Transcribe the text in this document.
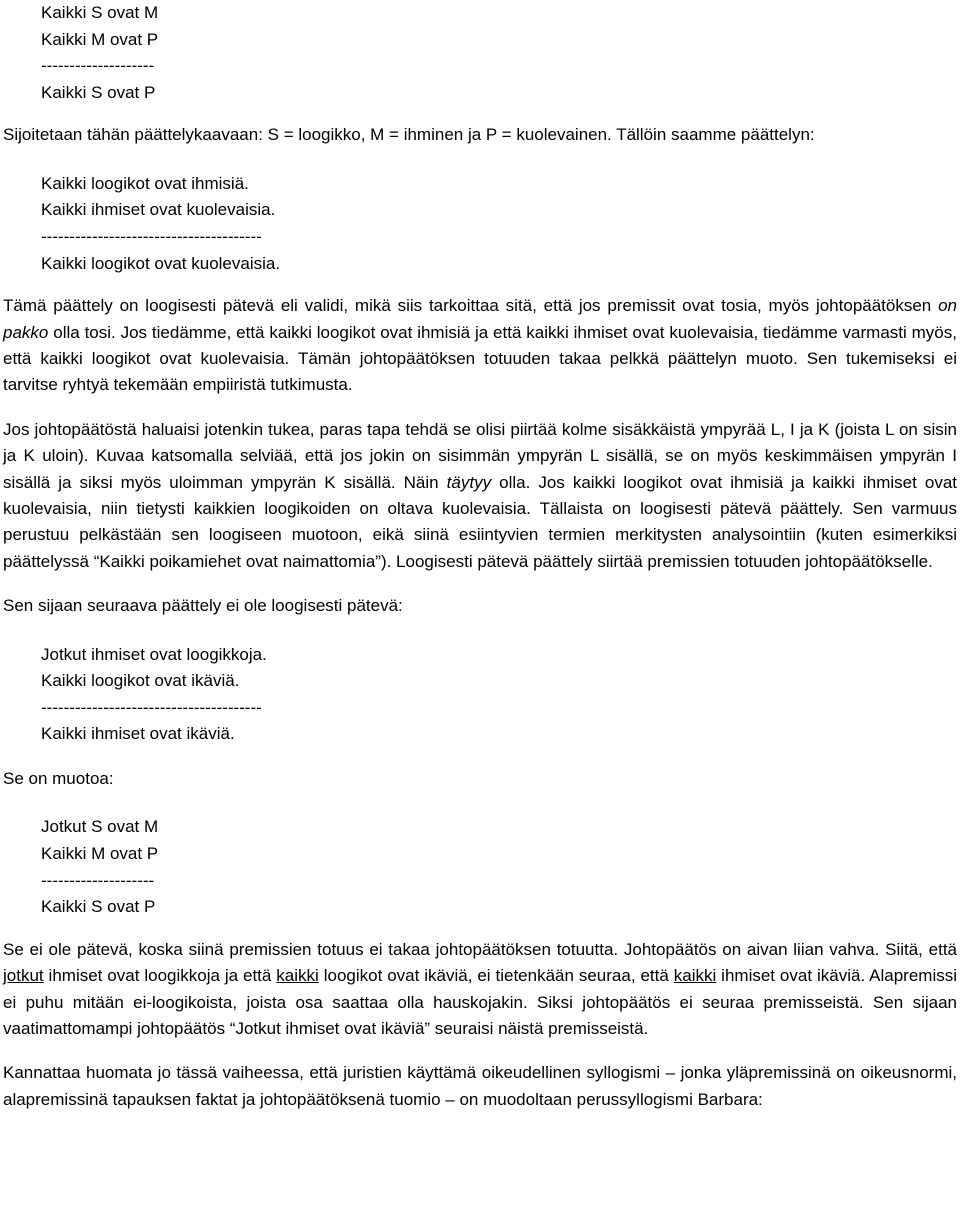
Kaikki S ovat M
Kaikki M ovat P
--------------------
Kaikki S ovat P

Sijoitetaan tähän päättelykaavaan: S = loogikko, M = ihminen ja P = kuolevainen. Tällöin saamme päättelyn:

Kaikki loogikot ovat ihmisiä.
Kaikki ihmiset ovat kuolevaisia.
---------------------------------------
Kaikki loogikot ovat kuolevaisia.

Tämä päättely on loogisesti pätevä eli validi, mikä siis tarkoittaa sitä, että jos premissit ovat tosia, myös johtopäätöksen on pakko olla tosi. Jos tiedämme, että kaikki loogikot ovat ihmisiä ja että kaikki ihmiset ovat kuolevaisia, tiedämme varmasti myös, että kaikki loogikot ovat kuolevaisia. Tämän johtopäätöksen totuuden takaa pelkkä päättelyn muoto. Sen tukemiseksi ei tarvitse ryhtyä tekemään empiiristä tutkimusta.

Jos johtopäätöstä haluaisi jotenkin tukea, paras tapa tehdä se olisi piirtää kolme sisäkkäistä ympyrää L, I ja K (joista L on sisin ja K uloin). Kuvaa katsomalla selviää, että jos jokin on sisimmän ympyrän L sisällä, se on myös keskimmäisen ympyrän I sisällä ja siksi myös uloimman ympyrän K sisällä. Näin täytyy olla. Jos kaikki loogikot ovat ihmisiä ja kaikki ihmiset ovat kuolevaisia, niin tietysti kaikkien loogikoiden on oltava kuolevaisia. Tällaista on loogisesti pätevä päättely. Sen varmuus perustuu pelkästään sen loogiseen muotoon, eikä siinä esiintyvien termien merkitysten analysointiin (kuten esimerkiksi päättelyssä “Kaikki poikamiehet ovat naimattomia”). Loogisesti pätevä päättely siirtää premissien totuuden johtopäätökselle.

Sen sijaan seuraava päättely ei ole loogisesti pätevä:

Jotkut ihmiset ovat loogikkoja.
Kaikki loogikot ovat ikäviä.
---------------------------------------
Kaikki ihmiset ovat ikäviä.

Se on muotoa:

Jotkut S ovat M
Kaikki M ovat P
--------------------
Kaikki S ovat P

Se ei ole pätevä, koska siinä premissien totuus ei takaa johtopäätöksen totuutta. Johtopäätös on aivan liian vahva. Siitä, että jotkut ihmiset ovat loogikkoja ja että kaikki loogikot ovat ikäviä, ei tietenkään seuraa, että kaikki ihmiset ovat ikäviä. Alapremissi ei puhu mitään ei-loogikoista, joista osa saattaa olla hauskojakin. Siksi johtopäätös ei seuraa premisseistä. Sen sijaan vaatimattomampi johtopäätös “Jotkut ihmiset ovat ikäviä” seuraisi näistä premisseistä.

Kannattaa huomata jo tässä vaiheessa, että juristien käyttämä oikeudellinen syllogismi – jonka yläpremissinä on oikeusnormi, alapremissinä tapauksen faktat ja johtopäätöksenä tuomio – on muodoltaan perussyllogismi Barbara:
